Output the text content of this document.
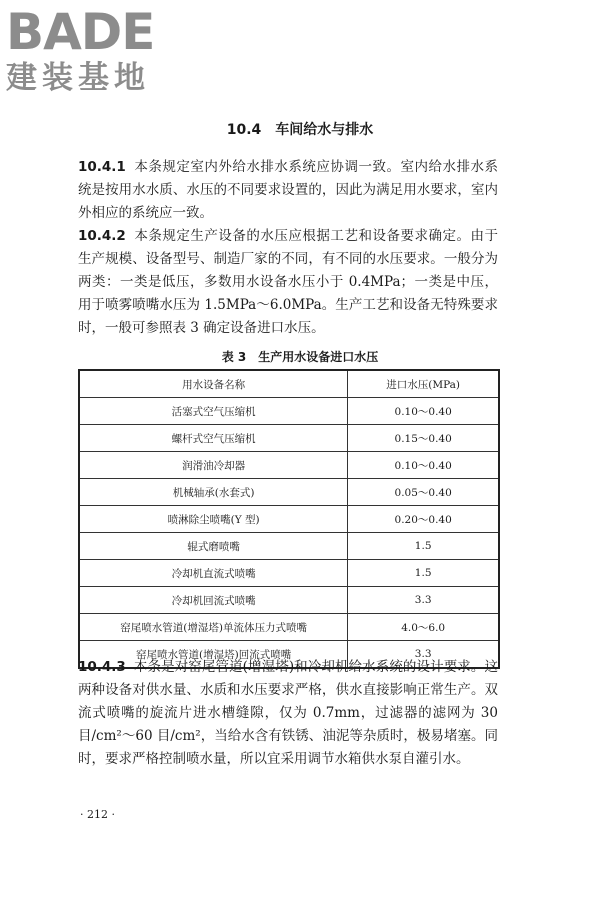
BADE
建装基地
10.4　车间给水与排水
10.4.1 本条规定室内外给水排水系统应协调一致。室内给水排水系统是按用水水质、水压的不同要求设置的，因此为满足用水要求，室内外相应的系统应一致。
10.4.2 本条规定生产设备的水压应根据工艺和设备要求确定。由于生产规模、设备型号、制造厂家的不同，有不同的水压要求。一般分为两类：一类是低压，多数用水设备水压小于 0.4MPa；一类是中压，用于喷雾喷嘴水压为 1.5MPa～6.0MPa。生产工艺和设备无特殊要求时，一般可参照表 3 确定设备进口水压。
表 3　生产用水设备进口水压
用水设备名称	进口水压(MPa)
活塞式空气压缩机	0.10～0.40
螺杆式空气压缩机	0.15～0.40
润滑油冷却器	0.10～0.40
机械轴承(水套式)	0.05～0.40
喷淋除尘喷嘴(Y 型)	0.20～0.40
辊式磨喷嘴	1.5
冷却机直流式喷嘴	1.5
冷却机回流式喷嘴	3.3
窑尾喷水管道(增湿塔)单流体压力式喷嘴	4.0～6.0
窑尾喷水管道(增湿塔)回流式喷嘴	3.3
10.4.3 本条是对窑尾管道(增湿塔)和冷却机给水系统的设计要求。这两种设备对供水量、水质和水压要求严格，供水直接影响正常生产。双流式喷嘴的旋流片进水槽缝隙，仅为 0.7mm，过滤器的滤网为 30 目/cm²～60 目/cm²，当给水含有铁锈、油泥等杂质时，极易堵塞。同时，要求严格控制喷水量，所以宜采用调节水箱供水泵自灌引水。
· 212 ·
